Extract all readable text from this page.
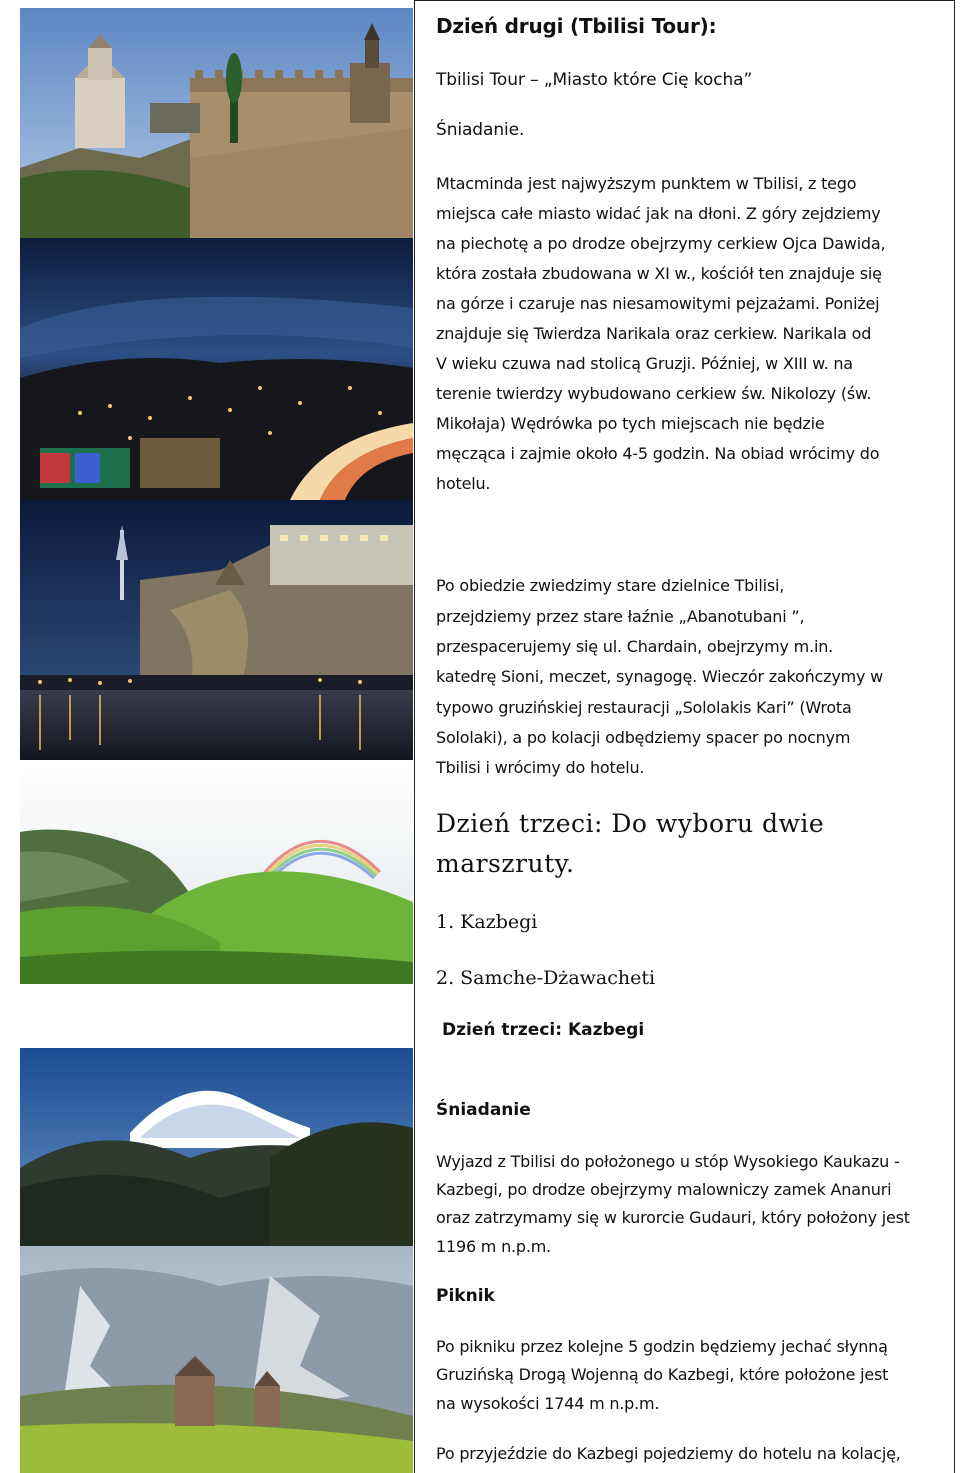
Dzień drugi (Tbilisi Tour):
Tbilisi Tour – „Miasto które Cię kocha”
Śniadanie.
Mtacminda jest najwyższym punktem w Tbilisi, z tego
miejsca całe miasto widać jak na dłoni. Z góry zejdziemy
na piechotę a po drodze obejrzymy cerkiew Ojca Dawida,
która została zbudowana w XI w., kościół ten znajduje się
na górze i czaruje nas niesamowitymi pejzażami. Poniżej
znajduje się Twierdza Narikala oraz cerkiew. Narikala od
V wieku czuwa nad stolicą Gruzji. Później, w XIII w. na
terenie twierdzy wybudowano cerkiew św. Nikolozy (św.
Mikołaja) Wędrówka po tych miejscach nie będzie
męcząca i zajmie około 4-5 godzin. Na obiad wrócimy do
hotelu.
Po obiedzie zwiedzimy stare dzielnice Tbilisi,
przejdziemy przez stare łaźnie „Abanotubani ”,
przespacerujemy się ul. Chardain, obejrzymy m.in.
katedrę Sioni, meczet, synagogę. Wieczór zakończymy w
typowo gruzińskiej restauracji „Sololakis Kari” (Wrota
Sololaki), a po kolacji odbędziemy spacer po nocnym
Tbilisi i wrócimy do hotelu.
Dzień trzeci: Do wyboru dwie
marszruty.
1. Kazbegi
2. Samche-Dżawacheti
Dzień trzeci: Kazbegi
Śniadanie
Wyjazd z Tbilisi do położonego u stóp Wysokiego Kaukazu -
Kazbegi, po drodze obejrzymy malowniczy zamek Ananuri
oraz zatrzymamy się w kurorcie Gudauri, który położony jest
1196 m n.p.m.
Piknik
Po pikniku przez kolejne 5 godzin będziemy jechać słynną
Gruzińską Drogą Wojenną do Kazbegi, które położone jest
na wysokości 1744 m n.p.m.
Po przyjeździe do Kazbegi pojedziemy do hotelu na kolację,
